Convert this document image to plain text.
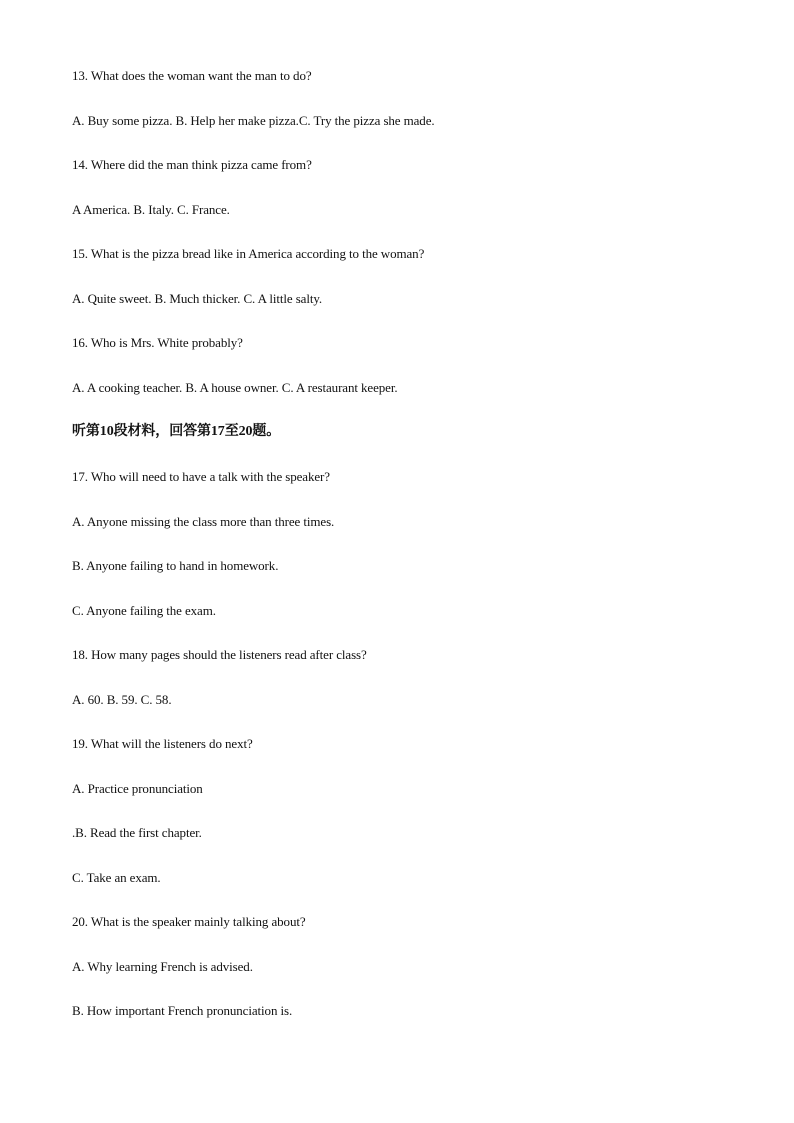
13. What does the woman want the man to do?
A. Buy some pizza. B. Help her make pizza.C. Try the pizza she made.
14. Where did the man think pizza came from?
A America. B. Italy. C. France.
15. What is the pizza bread like in America according to the woman?
A. Quite sweet. B. Much thicker. C. A little salty.
16. Who is Mrs. White probably?
A. A cooking teacher. B. A house owner. C. A restaurant keeper.
听第10段材料，回答第17至20题。
17. Who will need to have a talk with the speaker?
A. Anyone missing the class more than three times.
B. Anyone failing to hand in homework.
C. Anyone failing the exam.
18. How many pages should the listeners read after class?
A. 60. B. 59. C. 58.
19. What will the listeners do next?
A. Practice pronunciation
.B. Read the first chapter.
C. Take an exam.
20. What is the speaker mainly talking about?
A. Why learning French is advised.
B. How important French pronunciation is.
